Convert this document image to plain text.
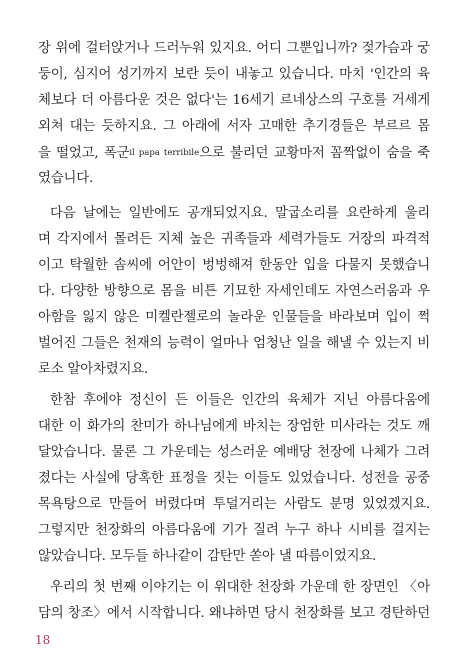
장 위에 걸터앉거나 드러누워 있지요. 어디 그뿐입니까? 젖가슴과 궁
둥이, 심지어 성기까지 보란 듯이 내놓고 있습니다. 마치 '인간의 육
체보다 더 아름다운 것은 없다'는 16세기 르네상스의 구호를 거세게
외쳐 대는 듯하지요. 그 아래에 서자 고매한 추기경들은 부르르 몸
을 떨었고, 폭군il papa terribile으로 불리던 교황마저 꼼짝없이 숨을 죽
였습니다.
다음 날에는 일반에도 공개되었지요. 말굽소리를 요란하게 울리
며 각지에서 몰려든 지체 높은 귀족들과 세력가들도 거장의 파격적
이고 탁월한 솜씨에 어안이 벙벙해져 한동안 입을 다물지 못했습니
다. 다양한 방향으로 몸을 비튼 기묘한 자세인데도 자연스러움과 우
아함을 잃지 않은 미켈란젤로의 놀라운 인물들을 바라보며 입이 쩍
벌어진 그들은 천재의 능력이 얼마나 엄청난 일을 해낼 수 있는지 비
로소 알아차렸지요.
한참 후에야 정신이 든 이들은 인간의 육체가 지닌 아름다움에
대한 이 화가의 찬미가 하나님에게 바치는 장엄한 미사라는 것도 깨
달았습니다. 물론 그 가운데는 성스러운 예배당 천장에 나체가 그려
졌다는 사실에 당혹한 표정을 짓는 이들도 있었습니다. 성전을 공중
목욕탕으로 만들어 버렸다며 투덜거리는 사람도 분명 있었겠지요.
그렇지만 천장화의 아름다움에 기가 질려 누구 하나 시비를 걸지는
않았습니다. 모두들 하나같이 감탄만 쏟아 낼 따름이었지요.
우리의 첫 번째 이야기는 이 위대한 천장화 가운데 한 장면인 〈아
담의 창조〉에서 시작합니다. 왜냐하면 당시 천장화를 보고 경탄하던
18
